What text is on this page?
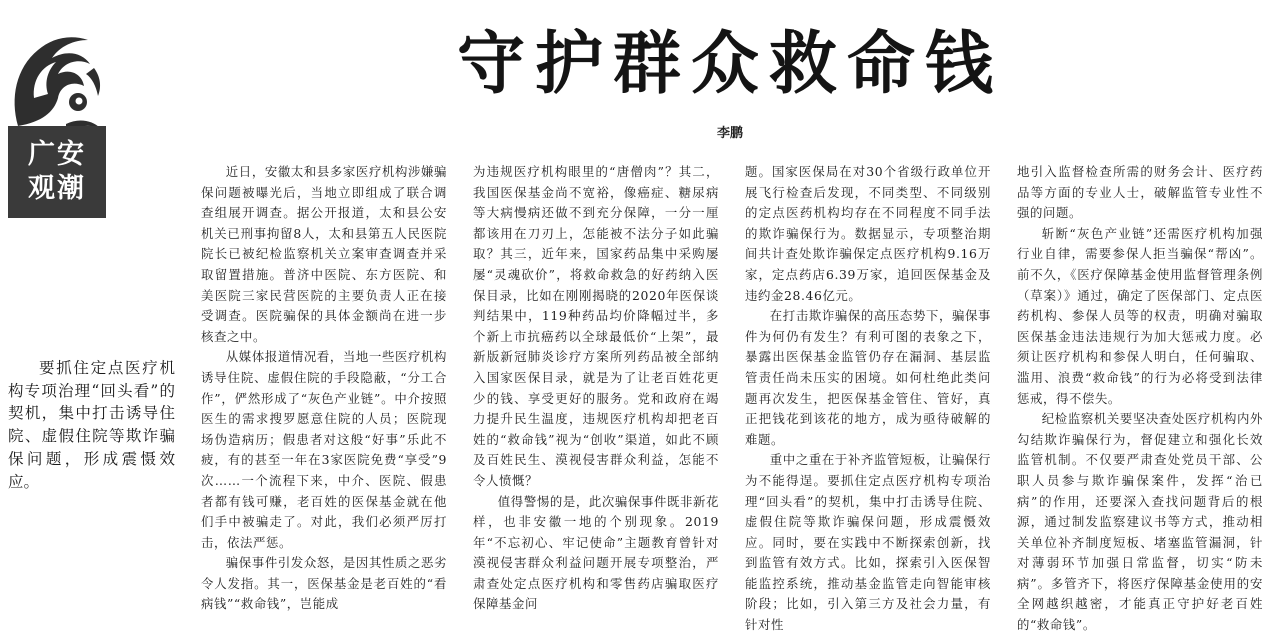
广安
观潮
守护群众救命钱
李鹏

要抓住定点医疗机构专项治理“回头看”的契机，集中打击诱导住院、虚假住院等欺诈骗保问题，形成震慑效应。

近日，安徽太和县多家医疗机构涉嫌骗保问题被曝光后，当地立即组成了联合调查组展开调查。据公开报道，太和县公安机关已刑事拘留8人，太和县第五人民医院院长已被纪检监察机关立案审查调查并采取留置措施。普济中医院、东方医院、和美医院三家民营医院的主要负责人正在接受调查。医院骗保的具体金额尚在进一步核查之中。

从媒体报道情况看，当地一些医疗机构诱导住院、虚假住院的手段隐蔽，“分工合作”，俨然形成了“灰色产业链”。中介按照医生的需求搜罗愿意住院的人员；医院现场伪造病历；假患者对这般“好事”乐此不疲，有的甚至一年在3家医院免费“享受”9次……一个流程下来，中介、医院、假患者都有钱可赚，老百姓的医保基金就在他们手中被骗走了。对此，我们必须严厉打击，依法严惩。

骗保事件引发众怒，是因其性质之恶劣令人发指。其一，医保基金是老百姓的“看病钱”“救命钱”，岂能成

为违规医疗机构眼里的“唐僧肉”？其二，我国医保基金尚不宽裕，像癌症、糖尿病等大病慢病还做不到充分保障，一分一厘都该用在刀刃上，怎能被不法分子如此骗取？其三，近年来，国家药品集中采购屡屡“灵魂砍价”，将救命救急的好药纳入医保目录，比如在刚刚揭晓的2020年医保谈判结果中，119种药品均价降幅过半，多个新上市抗癌药以全球最低价“上架”，最新版新冠肺炎诊疗方案所列药品被全部纳入国家医保目录，就是为了让老百姓花更少的钱、享受更好的服务。党和政府在竭力提升民生温度，违规医疗机构却把老百姓的“救命钱”视为“创收”渠道，如此不顾及百姓民生、漠视侵害群众利益，怎能不令人愤慨？

值得警惕的是，此次骗保事件既非新花样，也非安徽一地的个别现象。2019年“不忘初心、牢记使命”主题教育曾针对漠视侵害群众利益问题开展专项整治，严肃查处定点医疗机构和零售药店骗取医疗保障基金问

题。国家医保局在对30个省级行政单位开展飞行检查后发现，不同类型、不同级别的定点医药机构均存在不同程度不同手法的欺诈骗保行为。数据显示，专项整治期间共计查处欺诈骗保定点医疗机构9.16万家，定点药店6.39万家，追回医保基金及违约金28.46亿元。

在打击欺诈骗保的高压态势下，骗保事件为何仍有发生？有利可图的表象之下，暴露出医保基金监管仍存在漏洞、基层监管责任尚未压实的困境。如何杜绝此类问题再次发生，把医保基金管住、管好，真正把钱花到该花的地方，成为亟待破解的难题。

重中之重在于补齐监管短板，让骗保行为不能得逞。要抓住定点医疗机构专项治理“回头看”的契机，集中打击诱导住院、虚假住院等欺诈骗保问题，形成震慑效应。同时，要在实践中不断探索创新，找到监管有效方式。比如，探索引入医保智能监控系统，推动基金监管走向智能审核阶段；比如，引入第三方及社会力量，有针对性

地引入监督检查所需的财务会计、医疗药品等方面的专业人士，破解监管专业性不强的问题。

斩断“灰色产业链”还需医疗机构加强行业自律，需要参保人拒当骗保“帮凶”。前不久，《医疗保障基金使用监督管理条例（草案）》通过，确定了医保部门、定点医药机构、参保人员等的权责，明确对骗取医保基金违法违规行为加大惩戒力度。必须让医疗机构和参保人明白，任何骗取、滥用、浪费“救命钱”的行为必将受到法律惩戒，得不偿失。

纪检监察机关要坚决查处医疗机构内外勾结欺诈骗保行为，督促建立和强化长效监管机制。不仅要严肃查处党员干部、公职人员参与欺诈骗保案件，发挥“治已病”的作用，还要深入查找问题背后的根源，通过制发监察建议书等方式，推动相关单位补齐制度短板、堵塞监管漏洞，针对薄弱环节加强日常监督，切实“防未病”。多管齐下，将医疗保障基金使用的安全网越织越密，才能真正守护好老百姓的“救命钱”。
